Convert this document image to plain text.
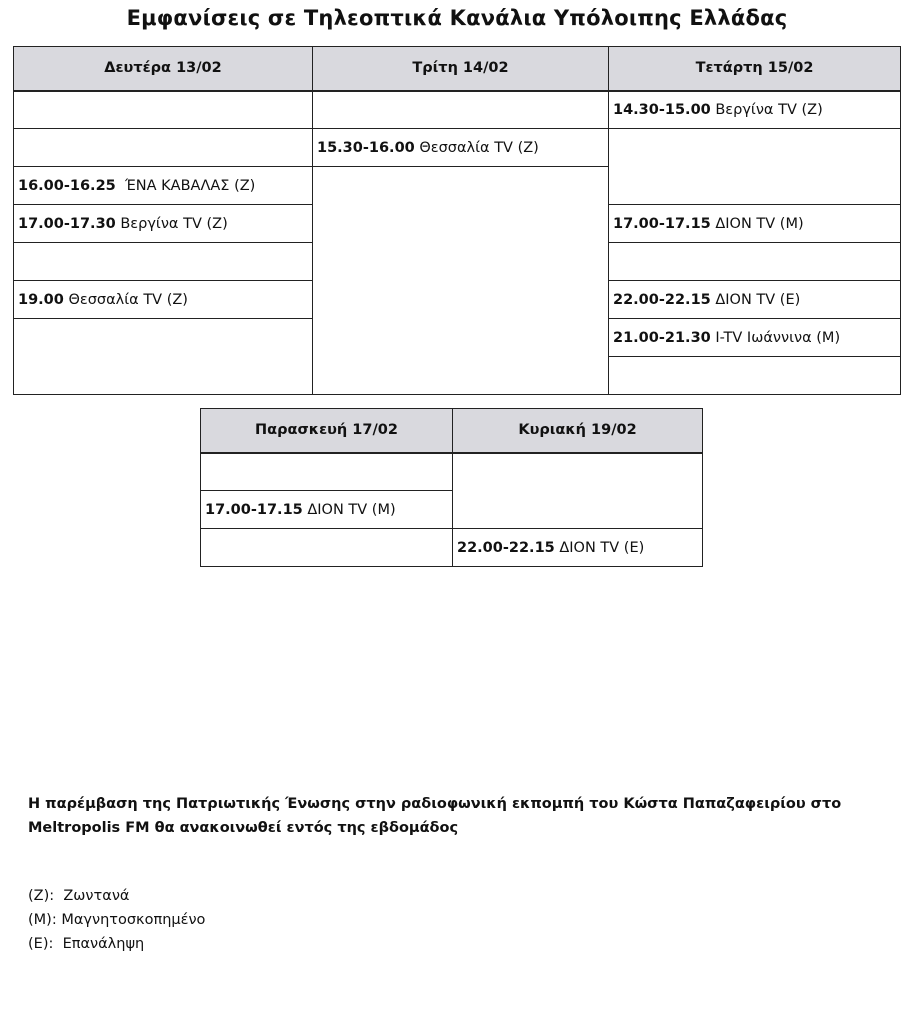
Εμφανίσεις σε Τηλεοπτικά Κανάλια Υπόλοιπης Ελλάδας
Δευτέρα 13/02	Τρίτη 14/02	Τετάρτη 15/02
		14.30-15.00 Βεργίνα TV (Ζ)
	15.30-16.00 Θεσσαλία TV (Ζ)	
16.00-16.25  ΈΝΑ ΚΑΒΑΛΑΣ (Ζ)		
17.00-17.30 Βεργίνα TV (Ζ)		17.00-17.15 ΔΙΟΝ TV (Μ)

19.00 Θεσσαλία TV (Ζ)		22.00-22.15 ΔΙΟΝ TV (Ε)
		21.00-21.30 I-TV Ιωάννινα (Μ)

Παρασκευή 17/02	Κυριακή 19/02

17.00-17.15 ΔΙΟΝ TV (Μ)	

	22.00-22.15 ΔΙΟΝ TV (Ε)
Η παρέμβαση της Πατριωτικής Ένωσης στην ραδιοφωνική εκπομπή του Κώστα Παπαζαφειρίου στο Meltropolis FM θα ανακοινωθεί εντός της εβδομάδος
(Ζ):  Ζωντανά
(Μ): Μαγνητοσκοπημένο
(Ε):  Επανάληψη
